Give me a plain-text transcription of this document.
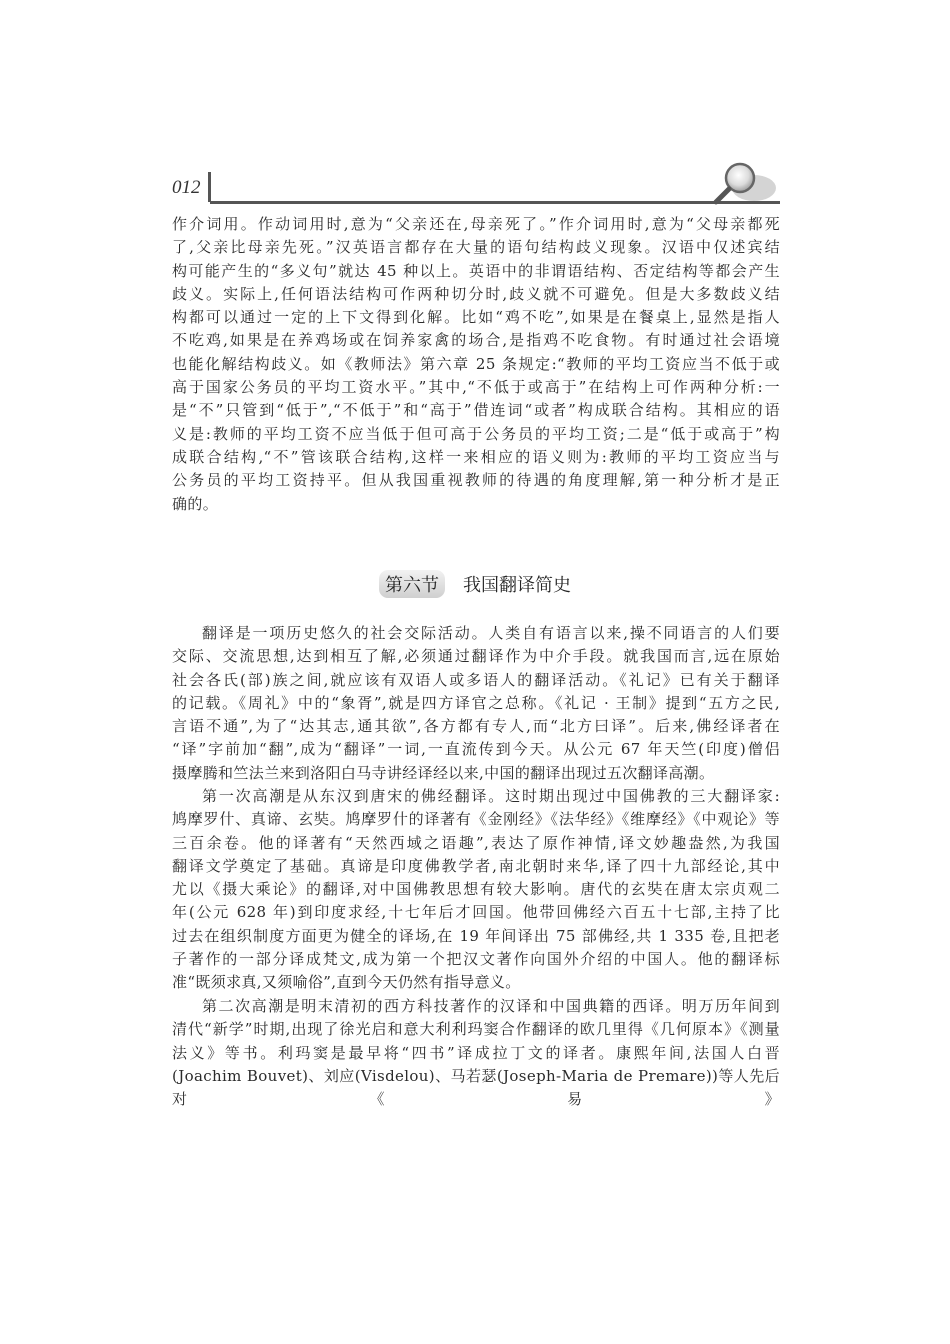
012
作介词用。作动词用时,意为“父亲还在,母亲死了。”作介词用时,意为“父母亲都死
了,父亲比母亲先死。”汉英语言都存在大量的语句结构歧义现象。汉语中仅述宾结
构可能产生的“多义句”就达 45 种以上。英语中的非谓语结构、否定结构等都会产生
歧义。实际上,任何语法结构可作两种切分时,歧义就不可避免。但是大多数歧义结
构都可以通过一定的上下文得到化解。比如“鸡不吃”,如果是在餐桌上,显然是指人
不吃鸡,如果是在养鸡场或在饲养家禽的场合,是指鸡不吃食物。有时通过社会语境
也能化解结构歧义。如《教师法》第六章 25 条规定:“教师的平均工资应当不低于或
高于国家公务员的平均工资水平。”其中,“不低于或高于”在结构上可作两种分析:一
是“不”只管到“低于”,“不低于”和“高于”借连词“或者”构成联合结构。其相应的语
义是:教师的平均工资不应当低于但可高于公务员的平均工资;二是“低于或高于”构
成联合结构,“不”管该联合结构,这样一来相应的语义则为:教师的平均工资应当与
公务员的平均工资持平。但从我国重视教师的待遇的角度理解,第一种分析才是正
确的。
第六节 我国翻译简史
翻译是一项历史悠久的社会交际活动。人类自有语言以来,操不同语言的人们要
交际、交流思想,达到相互了解,必须通过翻译作为中介手段。就我国而言,远在原始
社会各氏(部)族之间,就应该有双语人或多语人的翻译活动。《礼记》已有关于翻译
的记载。《周礼》中的“象胥”,就是四方译官之总称。《礼记 · 王制》提到“五方之民,
言语不通”,为了“达其志,通其欲”,各方都有专人,而“北方曰译”。后来,佛经译者在
“译”字前加“翻”,成为“翻译”一词,一直流传到今天。从公元 67 年天竺(印度)僧侣
摄摩腾和竺法兰来到洛阳白马寺讲经译经以来,中国的翻译出现过五次翻译高潮。
第一次高潮是从东汉到唐宋的佛经翻译。这时期出现过中国佛教的三大翻译家:
鸠摩罗什、真谛、玄奘。鸠摩罗什的译著有《金刚经》《法华经》《维摩经》《中观论》等
三百余卷。他的译著有“天然西域之语趣”,表达了原作神情,译文妙趣盎然,为我国
翻译文学奠定了基础。真谛是印度佛教学者,南北朝时来华,译了四十九部经论,其中
尤以《摄大乘论》的翻译,对中国佛教思想有较大影响。唐代的玄奘在唐太宗贞观二
年(公元 628 年)到印度求经,十七年后才回国。他带回佛经六百五十七部,主持了比
过去在组织制度方面更为健全的译场,在 19 年间译出 75 部佛经,共 1 335 卷,且把老
子著作的一部分译成梵文,成为第一个把汉文著作向国外介绍的中国人。他的翻译标
准“既须求真,又须喻俗”,直到今天仍然有指导意义。
第二次高潮是明末清初的西方科技著作的汉译和中国典籍的西译。明万历年间到
清代“新学”时期,出现了徐光启和意大利利玛窦合作翻译的欧几里得《几何原本》《测量
法义》等书。利玛窦是最早将“四书”译成拉丁文的译者。康熙年间,法国人白晋
(Joachim Bouvet)、刘应(Visdelou)、马若瑟(Joseph-Maria de Premare))等人先后对《易》
